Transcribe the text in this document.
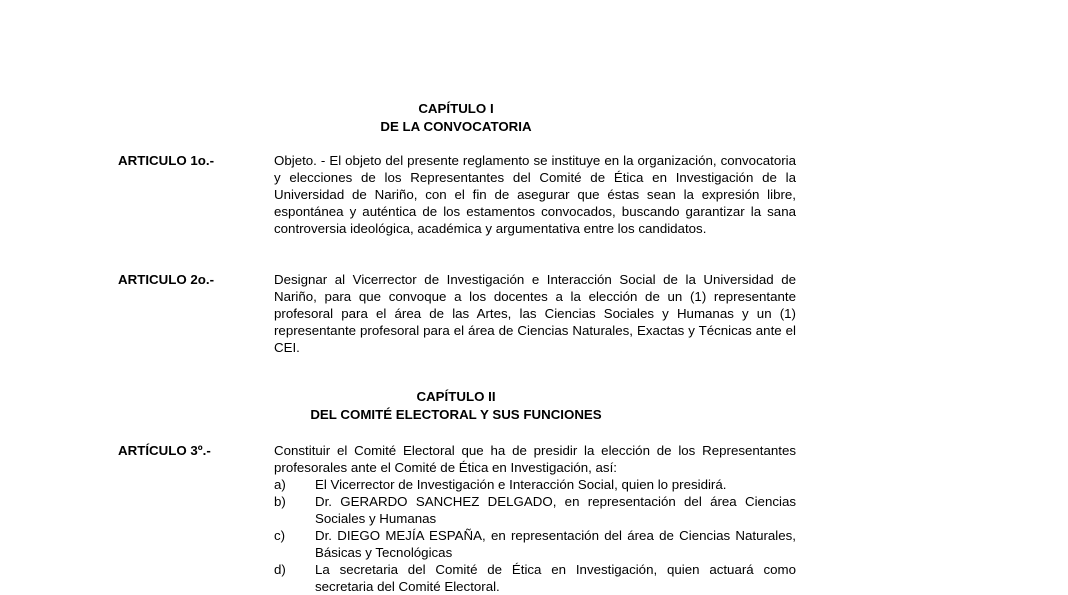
CAPÍTULO I
DE LA CONVOCATORIA
ARTICULO 1o.-	Objeto. - El objeto del presente reglamento se instituye en la organización, convocatoria y elecciones de los Representantes del Comité de Ética en Investigación de la Universidad de Nariño, con el fin de asegurar que éstas sean la expresión libre, espontánea y auténtica de los estamentos convocados, buscando garantizar la sana controversia ideológica, académica y argumentativa entre los candidatos.

ARTICULO 2o.-	Designar al Vicerrector de Investigación e Interacción Social de la Universidad de Nariño, para que convoque a los docentes a la elección de un (1) representante profesoral para el área de las Artes, las Ciencias Sociales y Humanas y un (1) representante profesoral para el área de Ciencias Naturales, Exactas y Técnicas ante el CEI.

CAPÍTULO II
DEL COMITÉ ELECTORAL Y SUS FUNCIONES
ARTÍCULO 3º.-	Constituir el Comité Electoral que ha de presidir la elección de los Representantes profesorales ante el Comité de Ética en Investigación, así:

a) El Vicerrector de Investigación e Interacción Social, quien lo presidirá.
b) Dr. GERARDO SANCHEZ DELGADO, en representación del área Ciencias Sociales y Humanas
c) Dr. DIEGO MEJÍA ESPAÑA, en representación del área de Ciencias Naturales, Básicas y Tecnológicas
d) La secretaria del Comité de Ética en Investigación, quien actuará como secretaria del Comité Electoral.
